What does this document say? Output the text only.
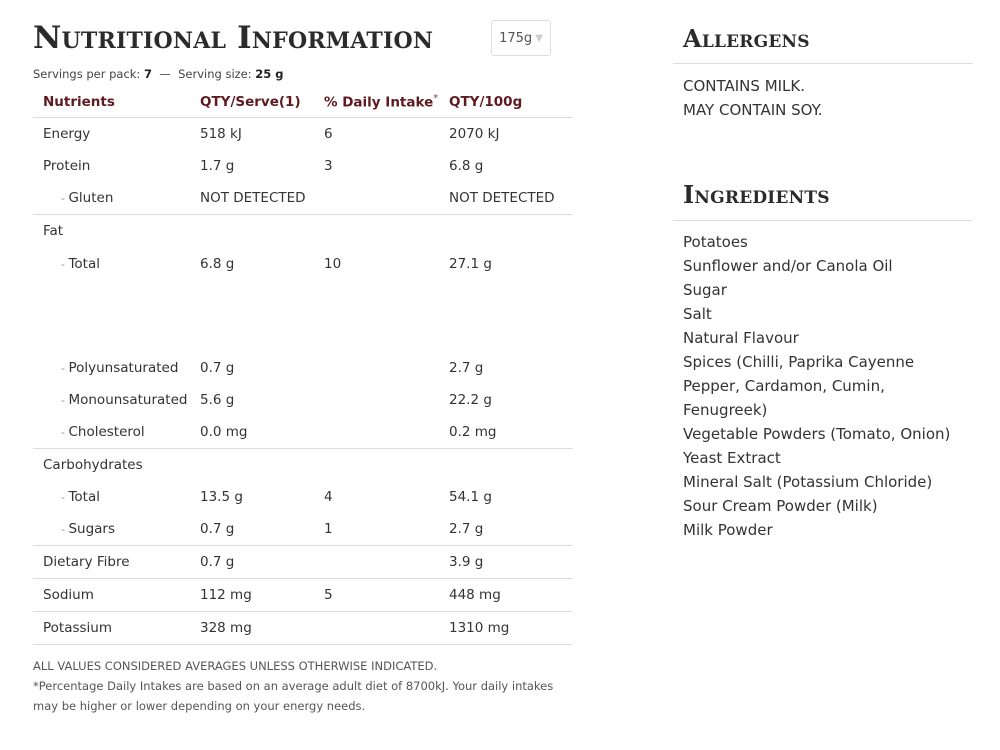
Nutritional Information	175g ▼
Servings per pack: 7 — Serving size: 25 g
Nutrients	QTY/Serve(1)	% Daily Intake*	QTY/100g
Energy	518 kJ	6	2070 kJ
Protein	1.7 g	3	6.8 g
- Gluten	NOT DETECTED		NOT DETECTED
Fat			
- Total	6.8 g	10	27.1 g

- Polyunsaturated	0.7 g		2.7 g
- Monounsaturated	5.6 g		22.2 g
- Cholesterol	0.0 mg		0.2 mg
Carbohydrates			
- Total	13.5 g	4	54.1 g
- Sugars	0.7 g	1	2.7 g
Dietary Fibre	0.7 g		3.9 g
Sodium	112 mg	5	448 mg
Potassium	328 mg		1310 mg

ALL VALUES CONSIDERED AVERAGES UNLESS OTHERWISE INDICATED.

*Percentage Daily Intakes are based on an average adult diet of 8700kJ. Your daily intakes may be higher or lower depending on your energy needs.

Allergens
CONTAINS MILK.
MAY CONTAIN SOY.
Ingredients
Potatoes
Sunflower and/or Canola Oil
Sugar
Salt
Natural Flavour
Spices (Chilli, Paprika Cayenne Pepper, Cardamon, Cumin, Fenugreek)
Vegetable Powders (Tomato, Onion)
Yeast Extract
Mineral Salt (Potassium Chloride)
Sour Cream Powder (Milk)
Milk Powder
